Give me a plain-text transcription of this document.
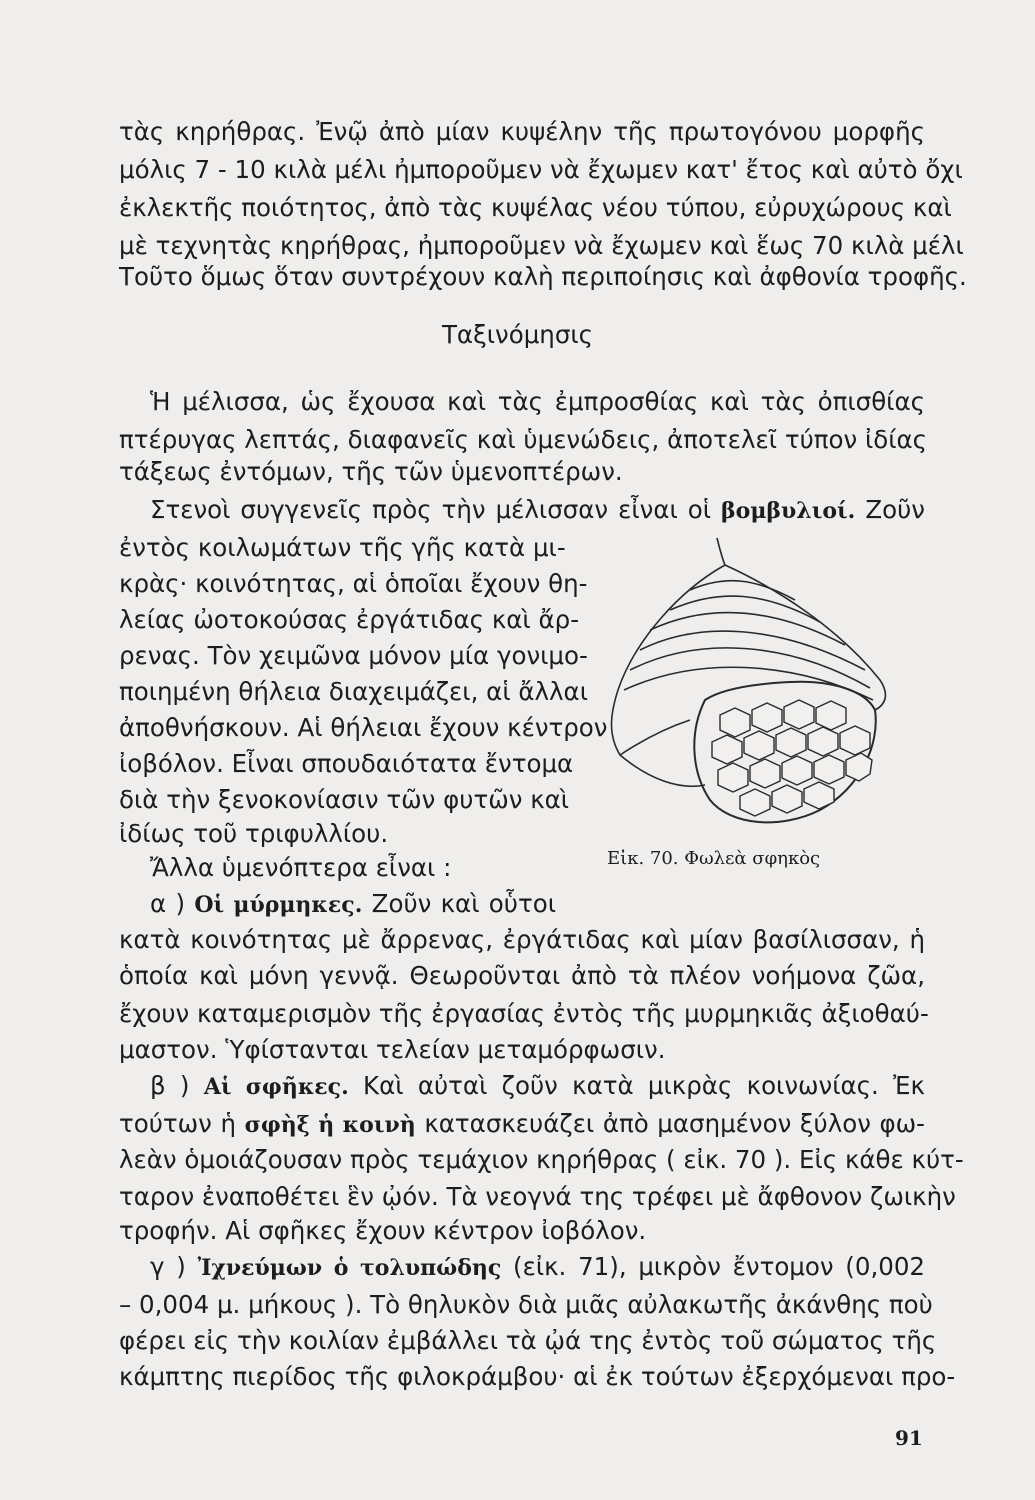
τὰς κηρήθρας. Ἐνῷ ἀπὸ μίαν κυψέλην τῆς πρωτογόνου μορφῆς
μόλις 7 - 10 κιλὰ μέλι ἠμποροῦμεν νὰ ἔχωμεν κατ' ἔτος καὶ αὐτὸ ὄχι
ἐκλεκτῆς ποιότητος, ἀπὸ τὰς κυψέλας νέου τύπου, εὐρυχώρους καὶ
μὲ τεχνητὰς κηρήθρας, ἠμποροῦμεν νὰ ἔχωμεν καὶ ἕως 70 κιλὰ μέλι
Τοῦτο ὅμως ὅταν συντρέχουν καλὴ περιποίησις καὶ ἀφθονία τροφῆς.
Ταξινόμησις
Ἡ μέλισσα, ὡς ἔχουσα καὶ τὰς ἐμπροσθίας καὶ τὰς ὀπισθίας
πτέρυγας λεπτάς, διαφανεῖς καὶ ὑμενώδεις, ἀποτελεῖ τύπον ἰδίας
τάξεως ἐντόμων, τῆς τῶν ὑμενοπτέρων.
Στενοὶ συγγενεῖς πρὸς τὴν μέλισσαν εἶναι οἱ βομβυλιοί. Ζοῦν
ἐντὸς κοιλωμάτων τῆς γῆς κατὰ μι-
κρὰς· κοινότητας, αἱ ὁποῖαι ἔχουν θη-
λείας ὠοτοκούσας ἐργάτιδας καὶ ἄρ-
ρενας. Τὸν χειμῶνα μόνον μία γονιμο-
ποιημένη θήλεια διαχειμάζει, αἱ ἄλλαι
ἀποθνήσκουν. Αἱ θήλειαι ἔχουν κέντρον
ἰοβόλον. Εἶναι σπουδαιότατα ἔντομα
διὰ τὴν ξενοκονίασιν τῶν φυτῶν καὶ
ἰδίως τοῦ τριφυλλίου.
Ἄλλα ὑμενόπτερα εἶναι :	Εἰκ. 70. Φωλεὰ σφηκὸς
α ) Οἱ μύρμηκες. Ζοῦν καὶ οὗτοι
κατὰ κοινότητας μὲ ἄρρενας, ἐργάτιδας καὶ μίαν βασίλισσαν, ἡ
ὁποία καὶ μόνη γεννᾷ. Θεωροῦνται ἀπὸ τὰ πλέον νοήμονα ζῶα,
ἔχουν καταμερισμὸν τῆς ἐργασίας ἐντὸς τῆς μυρμηκιᾶς ἀξιοθαύ-
μαστον. Ὑφίστανται τελείαν μεταμόρφωσιν.
β ) Αἱ σφῆκες. Καὶ αὐταὶ ζοῦν κατὰ μικρὰς κοινωνίας. Ἐκ
τούτων ἡ σφὴξ ἡ κοινὴ κατασκευάζει ἀπὸ μασημένον ξύλον φω-
λεὰν ὁμοιάζουσαν πρὸς τεμάχιον κηρήθρας ( εἰκ. 70 ). Εἰς κάθε κύτ-
ταρον ἐναποθέτει ἓν ᾠόν. Τὰ νεογνά της τρέφει μὲ ἄφθονον ζωικὴν
τροφήν. Αἱ σφῆκες ἔχουν κέντρον ἰοβόλον.
γ ) Ἰχνεύμων ὁ τολυπώδης (εἰκ. 71), μικρὸν ἔντομον (0,002
– 0,004 μ. μήκους ). Τὸ θηλυκὸν διὰ μιᾶς αὐλακωτῆς ἀκάνθης ποὺ
φέρει εἰς τὴν κοιλίαν ἐμβάλλει τὰ ᾠά της ἐντὸς τοῦ σώματος τῆς
κάμπτης πιερίδος τῆς φιλοκράμβου· αἱ ἐκ τούτων ἐξερχόμεναι προ-
91
